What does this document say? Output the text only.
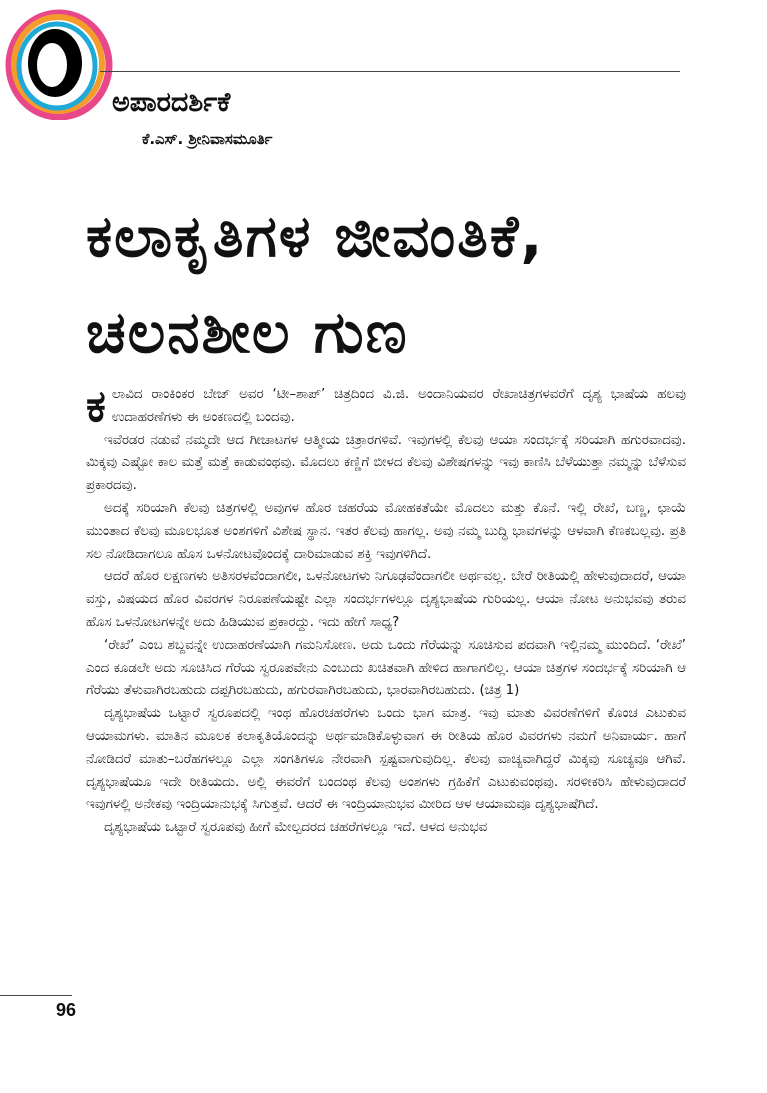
ಅಪಾರದರ್ಶಿಕೆ
ಕೆ.ಎಸ್‌. ಶ್ರೀನಿವಾಸಮೂರ್ತಿ
ಕಲಾಕೃತಿಗಳ ಜೀವಂತಿಕೆ,
ಚಲನಶೀಲ ಗುಣ
ಕಲಾವಿದ ರಾಂಕಿಂಕರ ಬೇಜ್ ಅವರ ‘ಟೀ–ಶಾಪ್’ ಚಿತ್ರದಿಂದ ವಿ.ಜಿ. ಅಂದಾನಿಯವರ ರೇಖಾಚಿತ್ರಗಳವರೆಗೆ ದೃಶ್ಯ ಭಾಷೆಯ ಹಲವು ಉದಾಹರಣೆಗಳು ಈ ಅಂಕಣದಲ್ಲಿ ಬಂದವು.
ಇವೆರಡರ ನಡುವೆ ನಮ್ಮದೇ ಆದ ಗೀಚಾಟಗಳ ಆತ್ಮೀಯ ಚಿತ್ರಾರಗಳಿವೆ. ಇವುಗಳಲ್ಲಿ ಕೆಲವು ಆಯಾ ಸಂದರ್ಭಕ್ಕೆ ಸರಿಯಾಗಿ ಹಗುರವಾದವು. ಮಿಕ್ಕವು ಎಷ್ಟೋ ಕಾಲ ಮತ್ತೆ ಮತ್ತೆ ಕಾಡುವಂಥವು. ಮೊದಲು ಕಣ್ಣಿಗೆ ಬೀಳದ ಕೆಲವು ವಿಶೇಷಗಳನ್ನು ಇವು ಕಾಣಿಸಿ ಬೆಳೆಯುತ್ತಾ ನಮ್ಮನ್ನು ಬೆಳೆಸುವ ಪ್ರಕಾರದವು.
ಅದಕ್ಕೆ ಸರಿಯಾಗಿ ಕೆಲವು ಚಿತ್ರಗಳಲ್ಲಿ ಅವುಗಳ ಹೊರ ಚಹರೆಯ ಮೋಹಕತೆಯೇ ಮೊದಲು ಮತ್ತು ಕೊನೆ. ಇಲ್ಲಿ ರೇಖೆ, ಬಣ್ಣ, ಛಾಯೆ ಮುಂತಾದ ಕೆಲವು ಮೂಲಭೂತ ಅಂಶಗಳಿಗೆ ವಿಶೇಷ ಸ್ಥಾನ. ಇತರ ಕೆಲವು ಹಾಗಲ್ಲ. ಅವು ನಮ್ಮ ಬುದ್ಧಿ ಭಾವಗಳನ್ನು ಆಳವಾಗಿ ಕೆಣಕಬಲ್ಲವು. ಪ್ರತಿ ಸಲ ನೋಡಿದಾಗಲೂ ಹೊಸ ಒಳನೋಟವೊಂದಕ್ಕೆ ದಾರಿಮಾಡುವ ಶಕ್ತಿ ಇವುಗಳಿಗಿದೆ.
ಆದರೆ ಹೊರ ಲಕ್ಷಣಗಳು ಅತಿಸರಳವೆಂದಾಗಲೀ, ಒಳನೋಟಗಳು ನಿಗೂಢವೆಂದಾಗಲೀ ಅರ್ಥವಲ್ಲ. ಬೇರೆ ರೀತಿಯಲ್ಲಿ ಹೇಳುವುದಾದರೆ, ಆಯಾ ವಸ್ತು, ವಿಷಯದ ಹೊರ ವಿವರಗಳ ನಿರೂಪಣೆಯಷ್ಟೇ ಎಲ್ಲಾ ಸಂದರ್ಭಗಳಲ್ಲೂ ದೃಶ್ಯಭಾಷೆಯ ಗುರಿಯಲ್ಲ. ಆಯಾ ನೋಟ ಅನುಭವವು ತರುವ ಹೊಸ ಒಳನೋಟಗಳನ್ನೇ ಅದು ಹಿಡಿಯುವ ಪ್ರಕಾರದ್ದು. ಇದು ಹೇಗೆ ಸಾಧ್ಯ?
‘ರೇಖೆ’ ಎಂಬ ಶಬ್ದವನ್ನೇ ಉದಾಹರಣೆಯಾಗಿ ಗಮನಿಸೋಣ. ಅದು ಒಂದು ಗೆರೆಯನ್ನು ಸೂಚಿಸುವ ಪದವಾಗಿ ಇಲ್ಲಿನಮ್ಮ ಮುಂದಿದೆ. ‘ರೇಖೆ’ ಎಂದ ಕೂಡಲೇ ಅದು ಸೂಚಿಸಿದ ಗೆರೆಯ ಸ್ವರೂಪವೇನು ಎಂಬುದು ಖಚಿತವಾಗಿ ಹೇಳಿದ ಹಾಗಾಗಲಿಲ್ಲ. ಆಯಾ ಚಿತ್ರಗಳ ಸಂದರ್ಭಕ್ಕೆ ಸರಿಯಾಗಿ ಆ ಗೆರೆಯು ತೆಳುವಾಗಿರಬಹುದು ದಪ್ಪಗಿರಬಹುದು, ಹಗುರವಾಗಿರಬಹುದು, ಭಾರವಾಗಿರಬಹುದು. (ಚಿತ್ರ 1)
ದೃಶ್ಯಭಾಷೆಯ ಒಟ್ಟಾರೆ ಸ್ವರೂಪದಲ್ಲಿ ಇಂಥ ಹೊರಚಹರೆಗಳು ಒಂದು ಭಾಗ ಮಾತ್ರ. ಇವು ಮಾತು ವಿವರಣೆಗಳಿಗೆ ಕೊಂಚ ಎಟುಕುವ ಆಯಾಮಗಳು. ಮಾತಿನ ಮೂಲಕ ಕಲಾಕೃತಿಯೊಂದನ್ನು ಅರ್ಥಮಾಡಿಕೊಳ್ಳುವಾಗ ಈ ರೀತಿಯ ಹೊರ ವಿವರಗಳು ನಮಗೆ ಅನಿವಾರ್ಯ. ಹಾಗೆ ನೋಡಿದರೆ ಮಾತು–ಬರೆಹಗಳಲ್ಲೂ ಎಲ್ಲಾ ಸಂಗತಿಗಳೂ ನೇರವಾಗಿ ಸ್ಪಷ್ಟವಾಗುವುದಿಲ್ಲ. ಕೆಲವು ವಾಚ್ಯವಾಗಿದ್ದರೆ ಮಿಕ್ಕವು ಸೂಚ್ಯವೂ ಆಗಿವೆ. ದೃಶ್ಯಭಾಷೆಯೂ ಇದೇ ರೀತಿಯದು. ಅಲ್ಲಿ ಈವರೆಗೆ ಬಂದಂಥ ಕೆಲವು ಅಂಶಗಳು ಗ್ರಹಿಕೆಗೆ ಎಟುಕುವಂಥವು. ಸರಳೀಕರಿಸಿ ಹೇಳುವುದಾದರೆ ಇವುಗಳಲ್ಲಿ ಅನೇಕವು ಇಂದ್ರಿಯಾನುಭಕ್ಕೆ ಸಿಗುತ್ತವೆ. ಆದರೆ ಈ ಇಂದ್ರಿಯಾನುಭವ ಮೀರಿದ ಆಳ ಆಯಾಮವೂ ದೃಶ್ಯಭಾಷೆಗಿದೆ.
ದೃಶ್ಯಭಾಷೆಯ ಒಟ್ಟಾರೆ ಸ್ವರೂಪವು ಹೀಗೆ ಮೇಲ್ಪದರದ ಚಹರೆಗಳಲ್ಲೂ ಇದೆ. ಆಳದ ಅನುಭವ
96
